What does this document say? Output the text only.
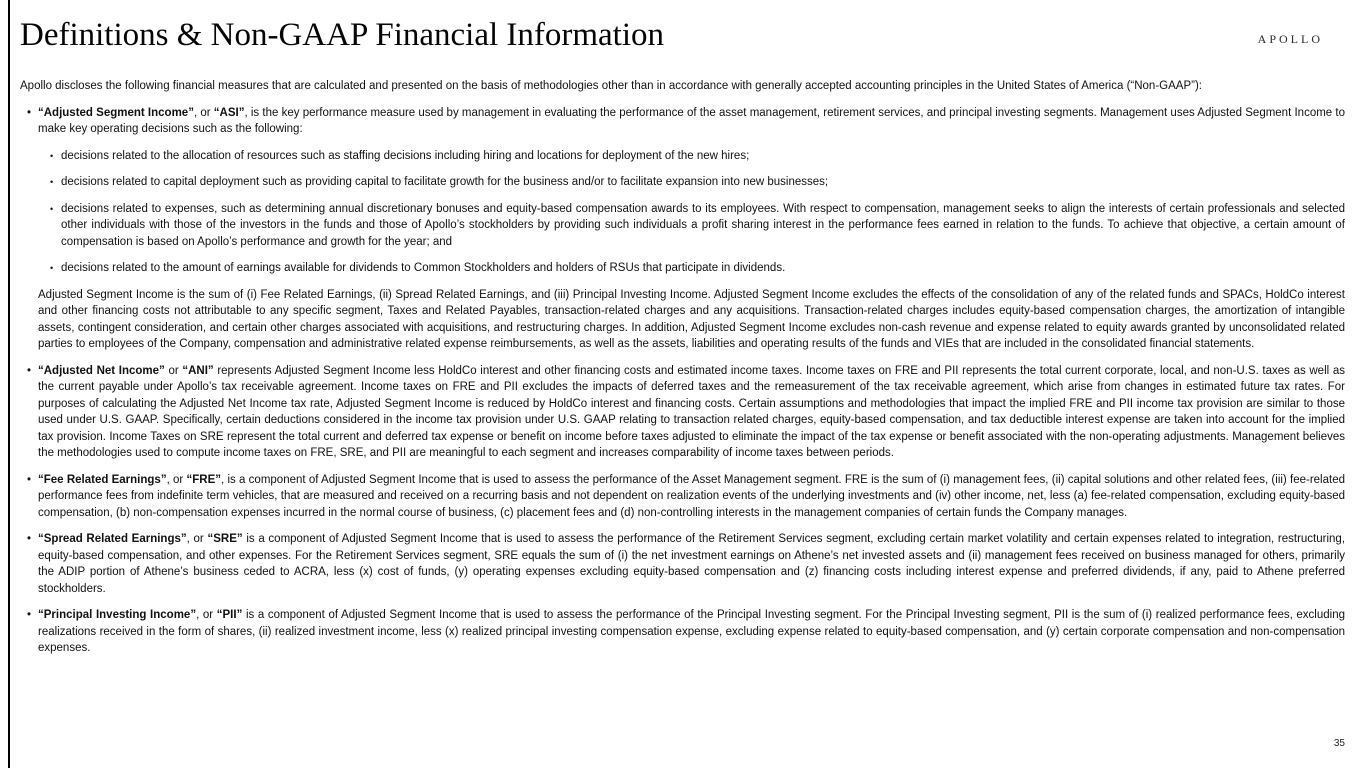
Definitions & Non-GAAP Financial Information	APOLLO

Apollo discloses the following financial measures that are calculated and presented on the basis of methodologies other than in accordance with generally accepted accounting principles in the United States of America (“Non-GAAP”):

• “Adjusted Segment Income”, or “ASI”, is the key performance measure used by management in evaluating the performance of the asset management, retirement services, and principal investing segments. Management uses Adjusted Segment Income to make key operating decisions such as the following:
• decisions related to the allocation of resources such as staffing decisions including hiring and locations for deployment of the new hires;
• decisions related to capital deployment such as providing capital to facilitate growth for the business and/or to facilitate expansion into new businesses;
• decisions related to expenses, such as determining annual discretionary bonuses and equity-based compensation awards to its employees. With respect to compensation, management seeks to align the interests of certain professionals and selected other individuals with those of the investors in the funds and those of Apollo’s stockholders by providing such individuals a profit sharing interest in the performance fees earned in relation to the funds. To achieve that objective, a certain amount of compensation is based on Apollo’s performance and growth for the year; and
• decisions related to the amount of earnings available for dividends to Common Stockholders and holders of RSUs that participate in dividends.

Adjusted Segment Income is the sum of (i) Fee Related Earnings, (ii) Spread Related Earnings, and (iii) Principal Investing Income. Adjusted Segment Income excludes the effects of the consolidation of any of the related funds and SPACs, HoldCo interest and other financing costs not attributable to any specific segment, Taxes and Related Payables, transaction-related charges and any acquisitions. Transaction-related charges includes equity-based compensation charges, the amortization of intangible assets, contingent consideration, and certain other charges associated with acquisitions, and restructuring charges. In addition, Adjusted Segment Income excludes non-cash revenue and expense related to equity awards granted by unconsolidated related parties to employees of the Company, compensation and administrative related expense reimbursements, as well as the assets, liabilities and operating results of the funds and VIEs that are included in the consolidated financial statements.

• “Adjusted Net Income” or “ANI” represents Adjusted Segment Income less HoldCo interest and other financing costs and estimated income taxes. Income taxes on FRE and PII represents the total current corporate, local, and non-U.S. taxes as well as the current payable under Apollo’s tax receivable agreement. Income taxes on FRE and PII excludes the impacts of deferred taxes and the remeasurement of the tax receivable agreement, which arise from changes in estimated future tax rates. For purposes of calculating the Adjusted Net Income tax rate, Adjusted Segment Income is reduced by HoldCo interest and financing costs. Certain assumptions and methodologies that impact the implied FRE and PII income tax provision are similar to those used under U.S. GAAP. Specifically, certain deductions considered in the income tax provision under U.S. GAAP relating to transaction related charges, equity-based compensation, and tax deductible interest expense are taken into account for the implied tax provision. Income Taxes on SRE represent the total current and deferred tax expense or benefit on income before taxes adjusted to eliminate the impact of the tax expense or benefit associated with the non-operating adjustments. Management believes the methodologies used to compute income taxes on FRE, SRE, and PII are meaningful to each segment and increases comparability of income taxes between periods.
• “Fee Related Earnings”, or “FRE”, is a component of Adjusted Segment Income that is used to assess the performance of the Asset Management segment. FRE is the sum of (i) management fees, (ii) capital solutions and other related fees, (iii) fee-related performance fees from indefinite term vehicles, that are measured and received on a recurring basis and not dependent on realization events of the underlying investments and (iv) other income, net, less (a) fee-related compensation, excluding equity-based compensation, (b) non-compensation expenses incurred in the normal course of business, (c) placement fees and (d) non-controlling interests in the management companies of certain funds the Company manages.
• “Spread Related Earnings”, or “SRE” is a component of Adjusted Segment Income that is used to assess the performance of the Retirement Services segment, excluding certain market volatility and certain expenses related to integration, restructuring, equity-based compensation, and other expenses. For the Retirement Services segment, SRE equals the sum of (i) the net investment earnings on Athene’s net invested assets and (ii) management fees received on business managed for others, primarily the ADIP portion of Athene’s business ceded to ACRA, less (x) cost of funds, (y) operating expenses excluding equity-based compensation and (z) financing costs including interest expense and preferred dividends, if any, paid to Athene preferred stockholders.
• “Principal Investing Income”, or “PII” is a component of Adjusted Segment Income that is used to assess the performance of the Principal Investing segment. For the Principal Investing segment, PII is the sum of (i) realized performance fees, excluding realizations received in the form of shares, (ii) realized investment income, less (x) realized principal investing compensation expense, excluding expense related to equity-based compensation, and (y) certain corporate compensation and non-compensation expenses.
35
